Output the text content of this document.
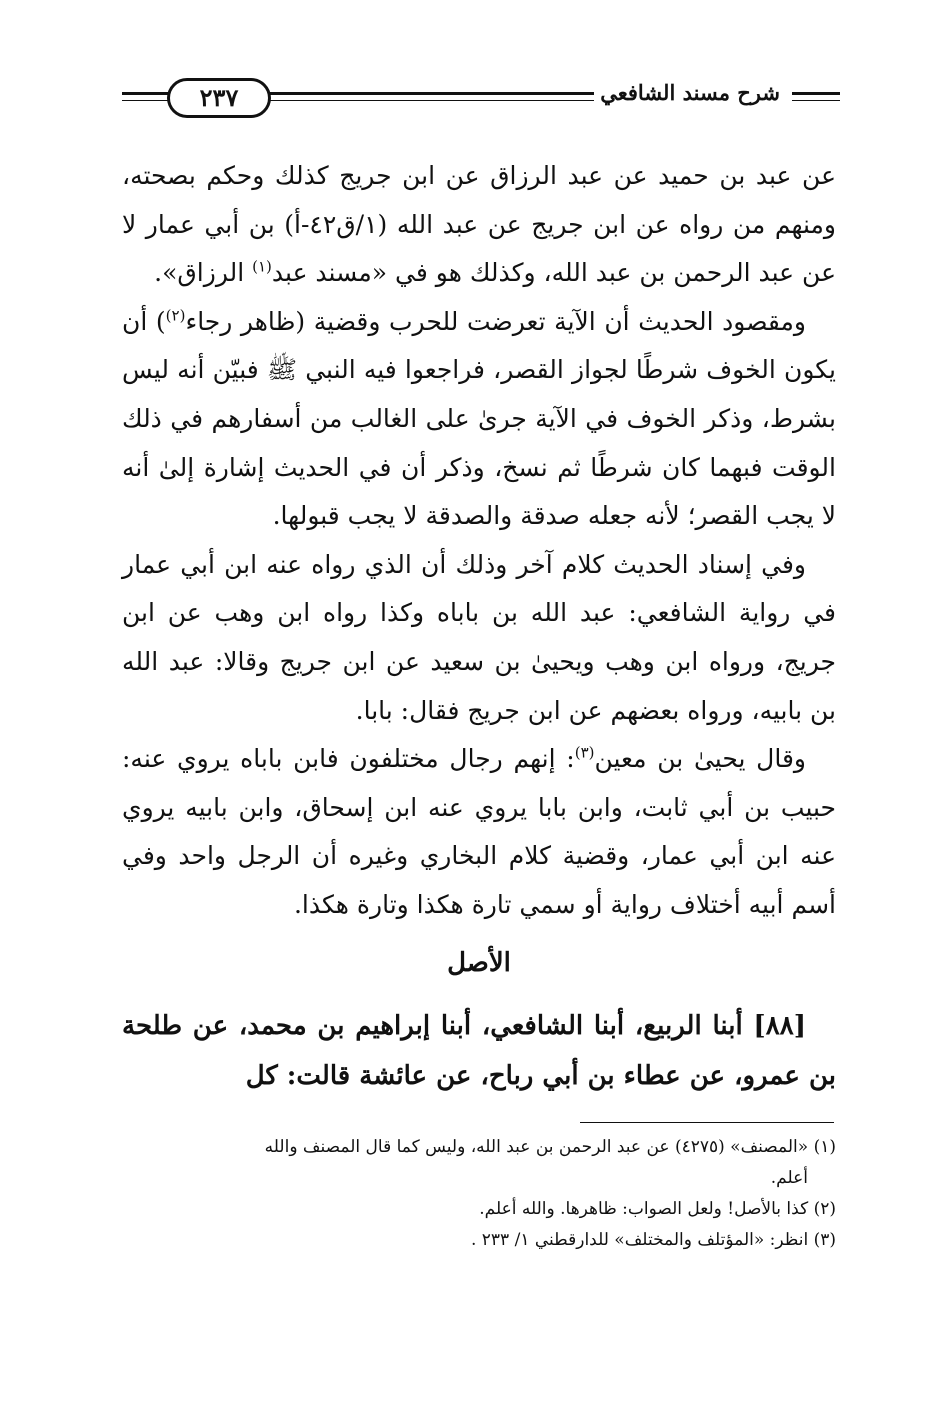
شرح مسند الشافعي
٢٣٧

عن عبد بن حميد عن عبد الرزاق عن ابن جريج كذلك وحكم بصحته، ومنهم من رواه عن ابن جريج عن عبد الله (١/ق٤٢-أ) بن أبي عمار لا عن عبد الرحمن بن عبد الله، وكذلك هو في «مسند عبد$^{(١)}$ الرزاق».

ومقصود الحديث أن الآية تعرضت للحرب وقضية (ظاهر رجاء$^{(٢)}$) أن يكون الخوف شرطًا لجواز القصر، فراجعوا فيه النبي ﷺ فبيّن أنه ليس بشرط، وذكر الخوف في الآية جرىٰ على الغالب من أسفارهم في ذلك الوقت فبهما كان شرطًا ثم نسخ، وذكر أن في الحديث إشارة إلىٰ أنه لا يجب القصر؛ لأنه جعله صدقة والصدقة لا يجب قبولها.

وفي إسناد الحديث كلام آخر وذلك أن الذي رواه عنه ابن أبي عمار في رواية الشافعي: عبد الله بن باباه وكذا رواه ابن وهب عن ابن جريج، ورواه ابن وهب ويحيىٰ بن سعيد عن ابن جريج وقالا: عبد الله بن بابيه، ورواه بعضهم عن ابن جريج فقال: بابا.

وقال يحيىٰ بن معين$^{(٣)}$: إنهم رجال مختلفون فابن باباه يروي عنه: حبيب بن أبي ثابت، وابن بابا يروي عنه ابن إسحاق، وابن بابيه يروي عنه ابن أبي عمار، وقضية كلام البخاري وغيره أن الرجل واحد وفي أسم أبيه أختلاف رواية أو سمي تارة هكذا وتارة هكذا.

الأصل

[٨٨] أبنا الربيع، أبنا الشافعي، أبنا إبراهيم بن محمد، عن طلحة بن عمرو، عن عطاء بن أبي رباح، عن عائشة قالت: كل

(١) «المصنف» (٤٢٧٥) عن عبد الرحمن بن عبد الله، وليس كما قال المصنف والله

أعلم.

(٢) كذا بالأصل! ولعل الصواب: ظاهرها. والله أعلم.

(٣) انظر: «المؤتلف والمختلف» للدارقطني ١/ ٢٣٣ .
